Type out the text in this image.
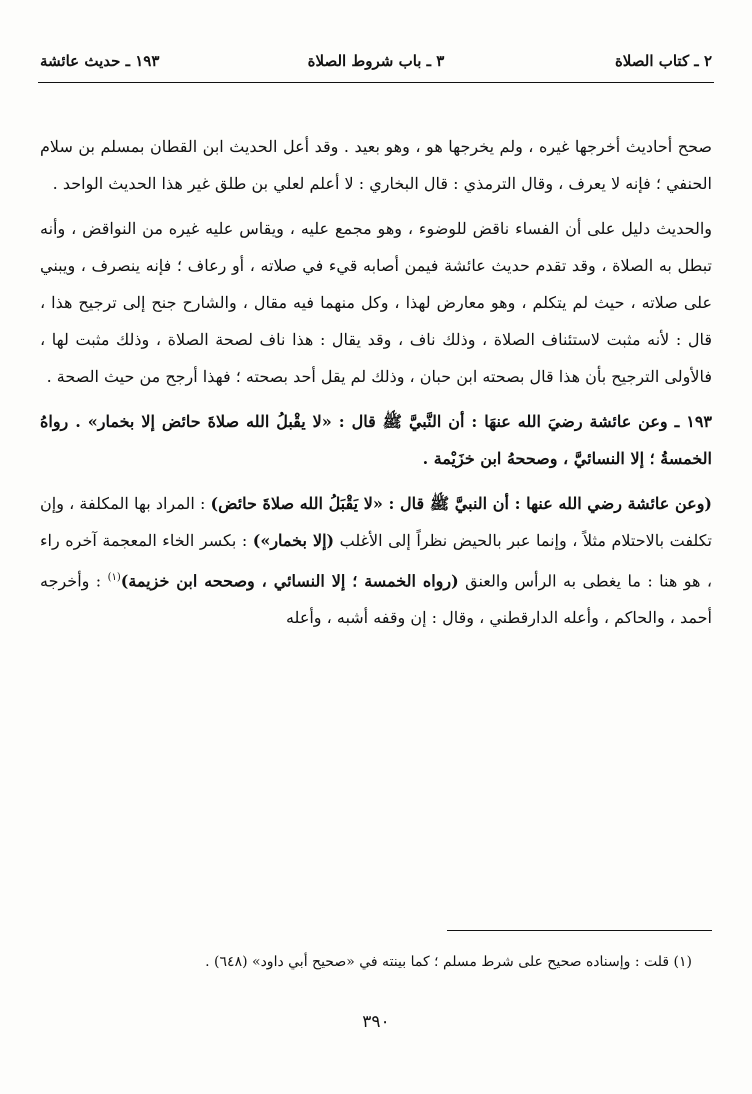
٢ ـ كتاب الصلاة
٣ ـ باب شروط الصلاة
١٩٣ ـ حديث عائشة

صحح أحاديث أخرجها غيره ، ولم يخرجها هو ، وهو بعيد . وقد أعل الحديث ابن القطان بمسلم بن سلام الحنفي ؛ فإنه لا يعرف ، وقال الترمذي : قال البخاري : لا أعلم لعلي بن طلق غير هذا الحديث الواحد .

والحديث دليل على أن الفساء ناقض للوضوء ، وهو مجمع عليه ، ويقاس عليه غيره من النواقض ، وأنه تبطل به الصلاة ، وقد تقدم حديث عائشة فيمن أصابه قيء في صلاته ، أو رعاف ؛ فإنه ينصرف ، ويبني على صلاته ، حيث لم يتكلم ، وهو معارض لهذا ، وكل منهما فيه مقال ، والشارح جنح إلى ترجيح هذا ، قال : لأنه مثبت لاستئناف الصلاة ، وذلك ناف ، وقد يقال : هذا ناف لصحة الصلاة ، وذلك مثبت لها ، فالأولى الترجيح بأن هذا قال بصحته ابن حبان ، وذلك لم يقل أحد بصحته ؛ فهذا أرجح من حيث الصحة .

١٩٣ ـ وعن عائشة رضيَ الله عنهَا : أن النَّبيَّ ﷺ قال : «لا يقْبلُ الله صلاةَ حائض إلا بخمار» . رواهُ الخمسةُ ؛ إلا النسائيَّ ، وصححهُ ابن خزَيْمة .

(وعن عائشة رضي الله عنها : أن النبيَّ ﷺ قال : «لا يَقْبَلُ الله صلاةَ حائض) : المراد بها المكلفة ، وإن تكلفت بالاحتلام مثلاً ، وإنما عبر بالحيض نظراً إلى الأغلب (إلا بخمار») : بكسر الخاء المعجمة آخره راء ، هو هنا : ما يغطى به الرأس والعنق (رواه الخمسة ؛ إلا النسائي ، وصححه ابن خزيمة)$^{(١)}$ : وأخرجه أحمد ، والحاكم ، وأعله الدارقطني ، وقال : إن وقفه أشبه ، وأعله

(١) قلت : وإسناده صحيح على شرط مسلم ؛ كما بينته في «صحيح أبي داود» (٦٤٨) .
٣٩٠
